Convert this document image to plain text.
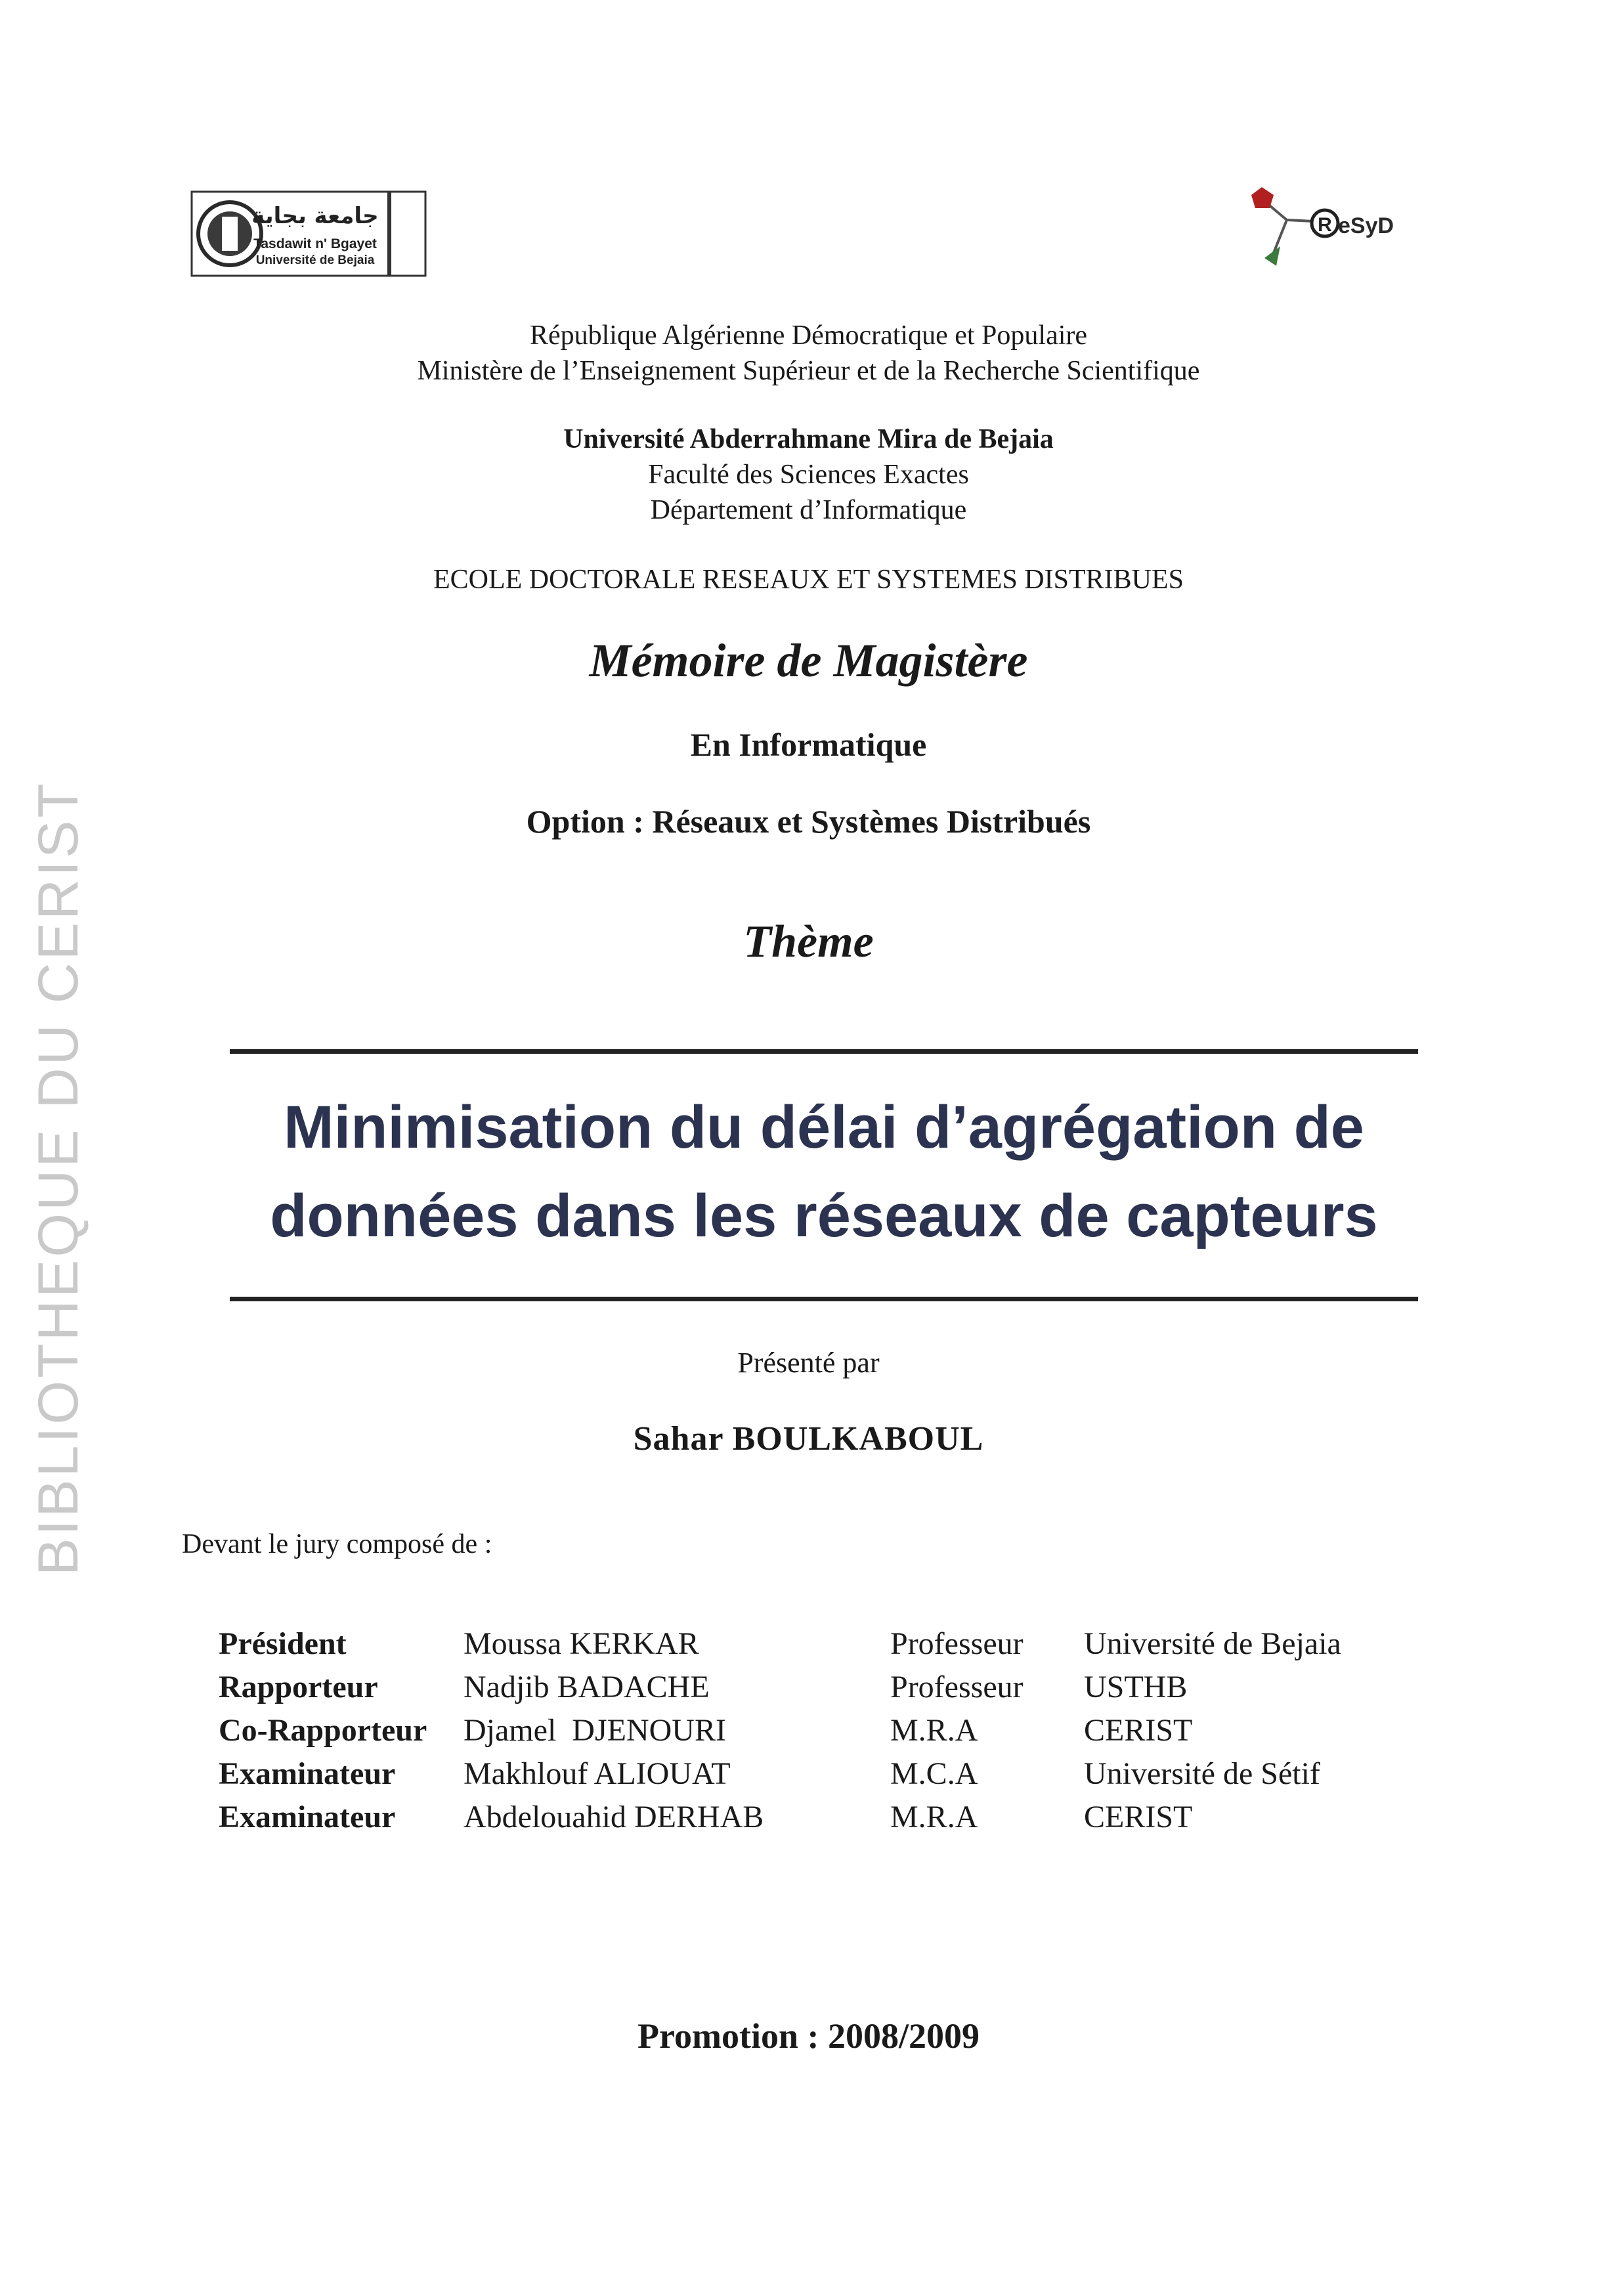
جامعة بجاية
Tasdawit n' Bgayet
Université de Bejaia
R eSyD
BIBLIOTHEQUE DU CERIST
République Algérienne Démocratique et Populaire
Ministère de l’Enseignement Supérieur et de la Recherche Scientifique
Université Abderrahmane Mira de Bejaia
Faculté des Sciences Exactes
Département d’Informatique
ECOLE DOCTORALE RESEAUX ET SYSTEMES DISTRIBUES
Mémoire de Magistère
En Informatique
Option : Réseaux et Systèmes Distribués
Thème
Minimisation du délai d’agrégation de
données dans les réseaux de capteurs
Présenté par
Sahar BOULKABOUL
Devant le jury composé de :
Président	Moussa KERKAR	Professeur	Université de Bejaia
Rapporteur	Nadjib BADACHE	Professeur	USTHB
Co-Rapporteur	Djamel  DJENOURI	M.R.A	CERIST
Examinateur	Makhlouf ALIOUAT	M.C.A	Université de Sétif
Examinateur	Abdelouahid DERHAB	M.R.A	CERIST
Promotion : 2008/2009
